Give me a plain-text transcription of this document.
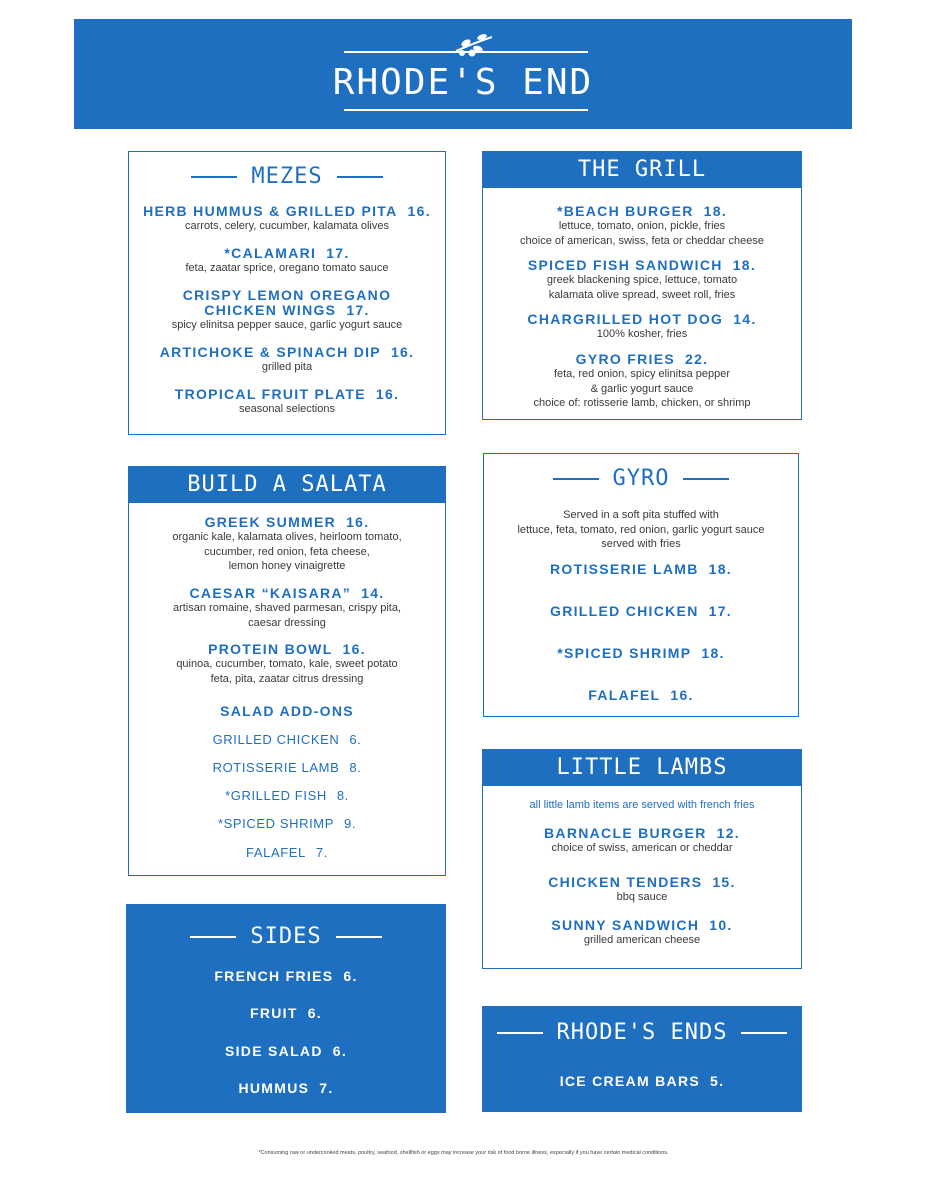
RHODE'S END
MEZES
HERB HUMMUS & GRILLED PITA 16.
carrots, celery, cucumber, kalamata olives
*CALAMARI 17.
feta, zaatar sprice, oregano tomato sauce
CRISPY LEMON OREGANO
CHICKEN WINGS 17.
spicy elinitsa pepper sauce, garlic yogurt sauce
ARTICHOKE & SPINACH DIP 16.
grilled pita
TROPICAL FRUIT PLATE 16.
seasonal selections
THE GRILL
*BEACH BURGER 18.
lettuce, tomato, onion, pickle, fries
choice of american, swiss, feta or cheddar cheese
SPICED FISH SANDWICH 18.
greek blackening spice, lettuce, tomato
kalamata olive spread, sweet roll, fries
CHARGRILLED HOT DOG 14.
100% kosher, fries
GYRO FRIES 22.
feta, red onion, spicy elinitsa pepper
& garlic yogurt sauce
choice of: rotisserie lamb, chicken, or shrimp
BUILD A SALATA
GREEK SUMMER 16.
organic kale, kalamata olives, heirloom tomato,
cucumber, red onion, feta cheese,
lemon honey vinaigrette
CAESAR “KAISARA” 14.
artisan romaine, shaved parmesan, crispy pita,
caesar dressing
PROTEIN BOWL 16.
quinoa, cucumber, tomato, kale, sweet potato
feta, pita, zaatar citrus dressing
SALAD ADD-ONS
GRILLED CHICKEN 6.
ROTISSERIE LAMB 8.
*GRILLED FISH 8.
*SPICED SHRIMP 9.
FALAFEL 7.
GYRO
Served in a soft pita stuffed with
lettuce, feta, tomato, red onion, garlic yogurt sauce
served with fries
ROTISSERIE LAMB 18.
GRILLED CHICKEN 17.
*SPICED SHRIMP 18.
FALAFEL 16.
LITTLE LAMBS
all little lamb items are served with french fries
BARNACLE BURGER 12.
choice of swiss, american or cheddar
CHICKEN TENDERS 15.
bbq sauce
SUNNY SANDWICH 10.
grilled american cheese
SIDES
FRENCH FRIES 6.
FRUIT 6.
SIDE SALAD 6.
HUMMUS 7.
RHODE'S ENDS
ICE CREAM BARS 5.
*Consuming raw or undercooked meats, poultry, seafood, shellfish or eggs may increase your risk of food borne illness, especially if you have certain medical conditions.
